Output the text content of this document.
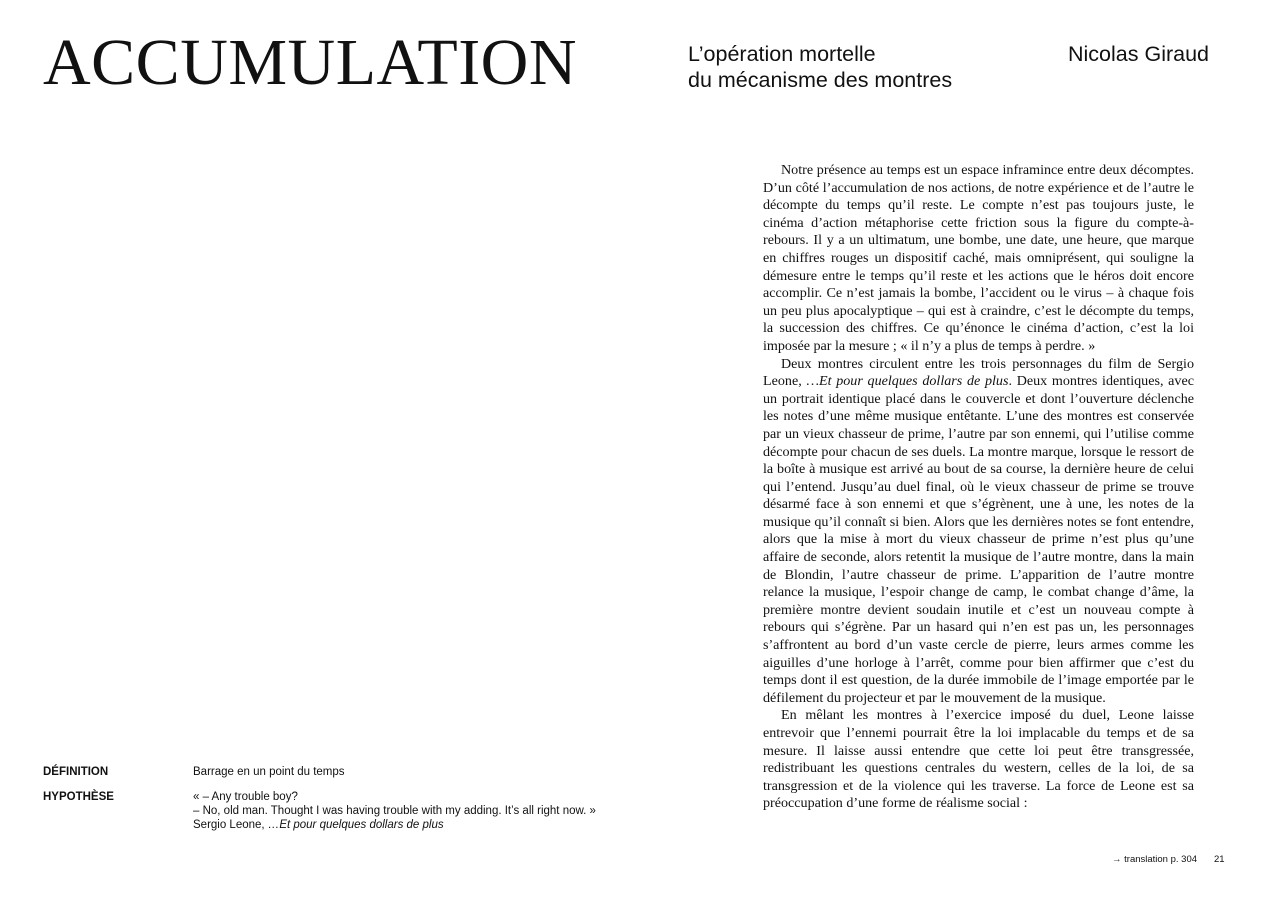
ACCUMULATION	L’opération mortelle
du mécanisme des montres
Nicolas Giraud

Notre présence au temps est un espace inframince entre deux décomptes. D’un côté l’accumulation de nos actions, de notre expérience et de l’autre le décompte du temps qu’il reste. Le compte n’est pas toujours juste, le cinéma d’action métaphorise cette friction sous la figure du compte-à-rebours. Il y a un ultimatum, une bombe, une date, une heure, que marque en chiffres rouges un dispositif caché, mais omniprésent, qui souligne la démesure entre le temps qu’il reste et les actions que le héros doit encore accomplir. Ce n’est jamais la bombe, l’accident ou le virus – à chaque fois un peu plus apocalyptique – qui est à craindre, c’est le décompte du temps, la succession des chiffres. Ce qu’énonce le cinéma d’action, c’est la loi imposée par la mesure ; « il n’y a plus de temps à perdre. »

Deux montres circulent entre les trois personnages du film de Sergio Leone, …Et pour quelques dollars de plus. Deux montres identiques, avec un portrait identique placé dans le couvercle et dont l’ouverture déclenche les notes d’une même musique entêtante. L’une des montres est conservée par un vieux chasseur de prime, l’autre par son ennemi, qui l’utilise comme décompte pour chacun de ses duels. La montre marque, lorsque le ressort de la boîte à musique est arrivé au bout de sa course, la dernière heure de celui qui l’entend. Jusqu’au duel final, où le vieux chasseur de prime se trouve désarmé face à son ennemi et que s’égrènent, une à une, les notes de la musique qu’il connaît si bien. Alors que les dernières notes se font entendre, alors que la mise à mort du vieux chasseur de prime n’est plus qu’une affaire de seconde, alors retentit la musique de l’autre montre, dans la main de Blondin, l’autre chasseur de prime. L’apparition de l’autre montre relance la musique, l’espoir change de camp, le combat change d’âme, la première montre devient soudain inutile et c’est un nouveau compte à rebours qui s’égrène. Par un hasard qui n’en est pas un, les personnages s’affrontent au bord d’un vaste cercle de pierre, leurs armes comme les aiguilles d’une horloge à l’arrêt, comme pour bien affirmer que c’est du temps dont il est question, de la durée immobile de l’image emportée par le défilement du projecteur et par le mouvement de la musique.

En mêlant les montres à l’exercice imposé du duel, Leone laisse entrevoir que l’ennemi pourrait être la loi implacable du temps et de sa mesure. Il laisse aussi entendre que cette loi peut être transgressée, redistribuant les questions centrales du western, celles de la loi, de sa transgression et de la violence qui les traverse. La force de Leone est sa préoccupation d’une forme de réalisme social :

DÉFINITION	Barrage en un point du temps
HYPOTHÈSE	« – Any trouble boy?
– No, old man. Thought I was having trouble with my adding. It’s all right now. »
Sergio Leone, …Et pour quelques dollars de plus
→ translation p. 304 21
